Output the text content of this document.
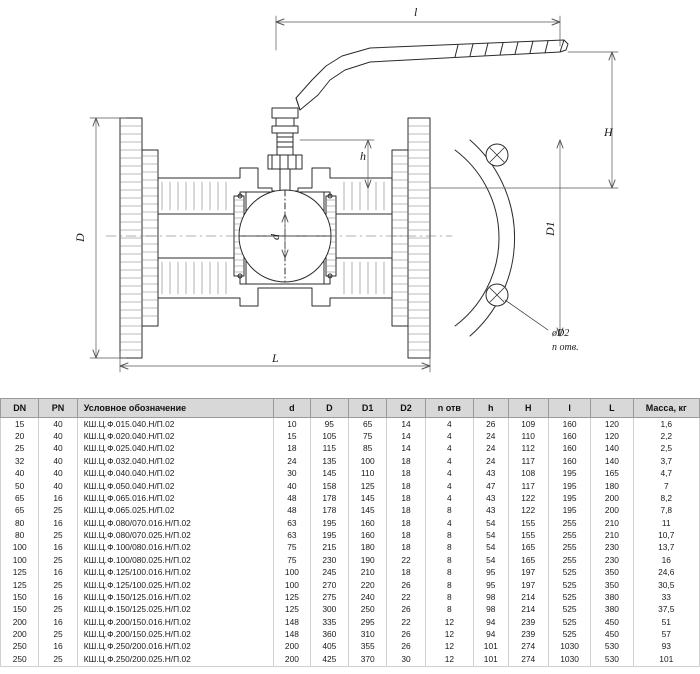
l
H
h
D
D1
d
L
øD2
n отв.
DN	PN	Условное обозначение	d	D	D1	D2	n отв	h	H	l	L	Масса, кг
15	40	КШ.Ц.Ф.015.040.Н/П.02	10	95	65	14	4	26	109	160	120	1,6
20	40	КШ.Ц.Ф.020.040.Н/П.02	15	105	75	14	4	24	110	160	120	2,2
25	40	КШ.Ц.Ф.025.040.Н/П.02	18	115	85	14	4	24	112	160	140	2,5
32	40	КШ.Ц.Ф.032.040.Н/П.02	24	135	100	18	4	24	117	160	140	3,7
40	40	КШ.Ц.Ф.040.040.Н/П.02	30	145	110	18	4	43	108	195	165	4,7
50	40	КШ.Ц.Ф.050.040.Н/П.02	40	158	125	18	4	47	117	195	180	7
65	16	КШ.Ц.Ф.065.016.Н/П.02	48	178	145	18	4	43	122	195	200	8,2
65	25	КШ.Ц.Ф.065.025.Н/П.02	48	178	145	18	8	43	122	195	200	7,8
80	16	КШ.Ц.Ф.080/070.016.Н/П.02	63	195	160	18	4	54	155	255	210	11
80	25	КШ.Ц.Ф.080/070.025.Н/П.02	63	195	160	18	8	54	155	255	210	10,7
100	16	КШ.Ц.Ф.100/080.016.Н/П.02	75	215	180	18	8	54	165	255	230	13,7
100	25	КШ.Ц.Ф.100/080.025.Н/П.02	75	230	190	22	8	54	165	255	230	16
125	16	КШ.Ц.Ф.125/100.016.Н/П.02	100	245	210	18	8	95	197	525	350	24,6
125	25	КШ.Ц.Ф.125/100.025.Н/П.02	100	270	220	26	8	95	197	525	350	30,5
150	16	КШ.Ц.Ф.150/125.016.Н/П.02	125	275	240	22	8	98	214	525	380	33
150	25	КШ.Ц.Ф.150/125.025.Н/П.02	125	300	250	26	8	98	214	525	380	37,5
200	16	КШ.Ц.Ф.200/150.016.Н/П.02	148	335	295	22	12	94	239	525	450	51
200	25	КШ.Ц.Ф.200/150.025.Н/П.02	148	360	310	26	12	94	239	525	450	57
250	16	КШ.Ц.Ф.250/200.016.Н/П.02	200	405	355	26	12	101	274	1030	530	93
250	25	КШ.Ц.Ф.250/200.025.Н/П.02	200	425	370	30	12	101	274	1030	530	101
